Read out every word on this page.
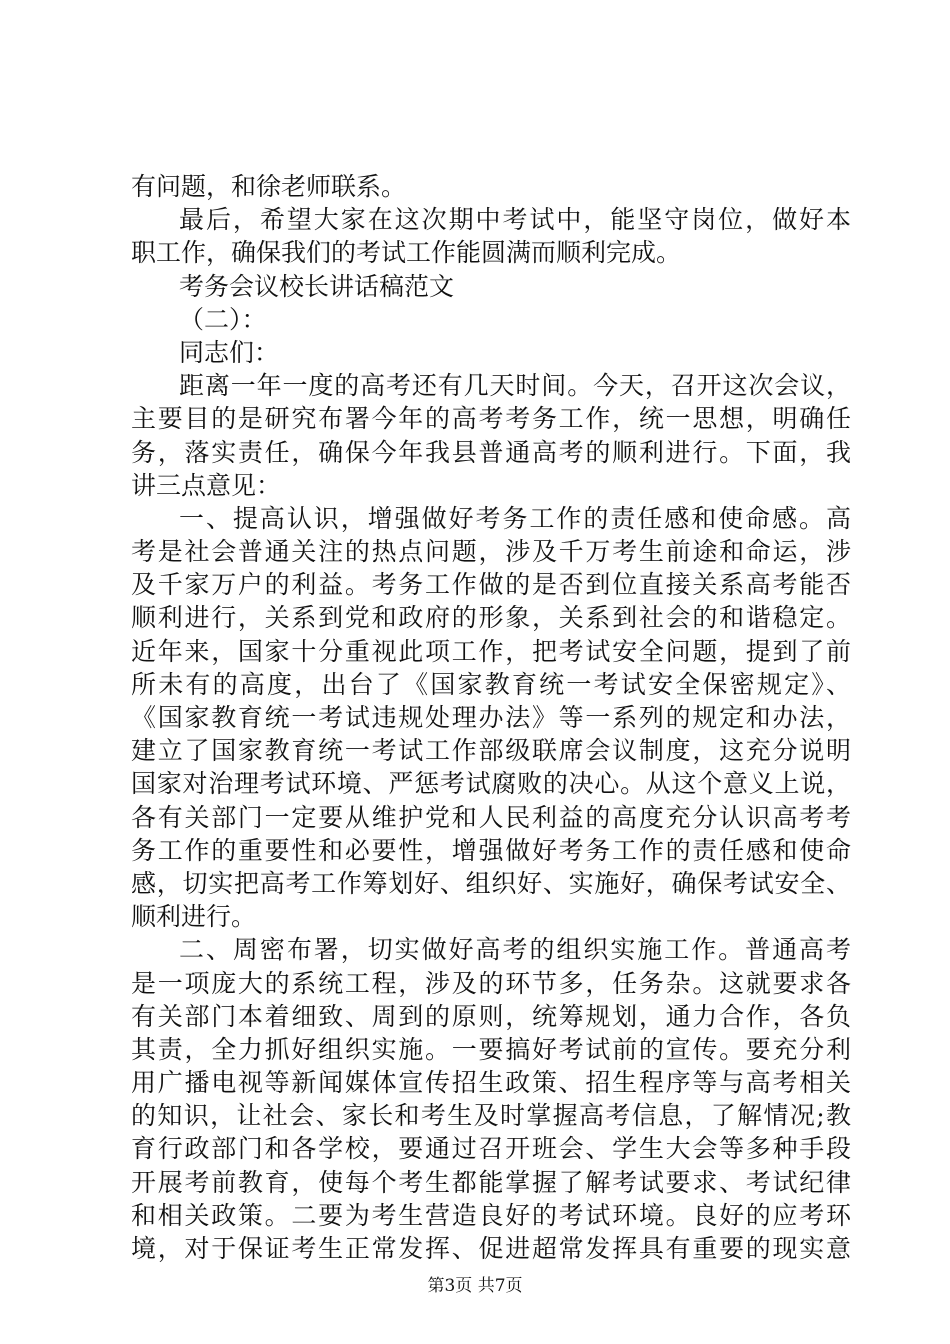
有问题，和徐老师联系。
最后，希望大家在这次期中考试中，能坚守岗位，做好本
职工作，确保我们的考试工作能圆满而顺利完成。
考务会议校长讲话稿范文
（二）：
同志们：
距离一年一度的高考还有几天时间。今天，召开这次会议，
主要目的是研究布署今年的高考考务工作，统一思想，明确任
务，落实责任，确保今年我县普通高考的顺利进行。下面，我
讲三点意见：
一、提高认识，增强做好考务工作的责任感和使命感。高
考是社会普通关注的热点问题，涉及千万考生前途和命运，涉
及千家万户的利益。考务工作做的是否到位直接关系高考能否
顺利进行，关系到党和政府的形象，关系到社会的和谐稳定。
近年来，国家十分重视此项工作，把考试安全问题，提到了前
所未有的高度，出台了《国家教育统一考试安全保密规定》、
《国家教育统一考试违规处理办法》等一系列的规定和办法，
建立了国家教育统一考试工作部级联席会议制度，这充分说明
国家对治理考试环境、严惩考试腐败的决心。从这个意义上说，
各有关部门一定要从维护党和人民利益的高度充分认识高考考
务工作的重要性和必要性，增强做好考务工作的责任感和使命
感，切实把高考工作筹划好、组织好、实施好，确保考试安全、
顺利进行。
二、周密布署，切实做好高考的组织实施工作。普通高考
是一项庞大的系统工程，涉及的环节多，任务杂。这就要求各
有关部门本着细致、周到的原则，统筹规划，通力合作，各负
其责，全力抓好组织实施。一要搞好考试前的宣传。要充分利
用广播电视等新闻媒体宣传招生政策、招生程序等与高考相关
的知识，让社会、家长和考生及时掌握高考信息，了解情况;教
育行政部门和各学校，要通过召开班会、学生大会等多种手段
开展考前教育，使每个考生都能掌握了解考试要求、考试纪律
和相关政策。二要为考生营造良好的考试环境。良好的应考环
境，对于保证考生正常发挥、促进超常发挥具有重要的现实意
第3页 共7页
